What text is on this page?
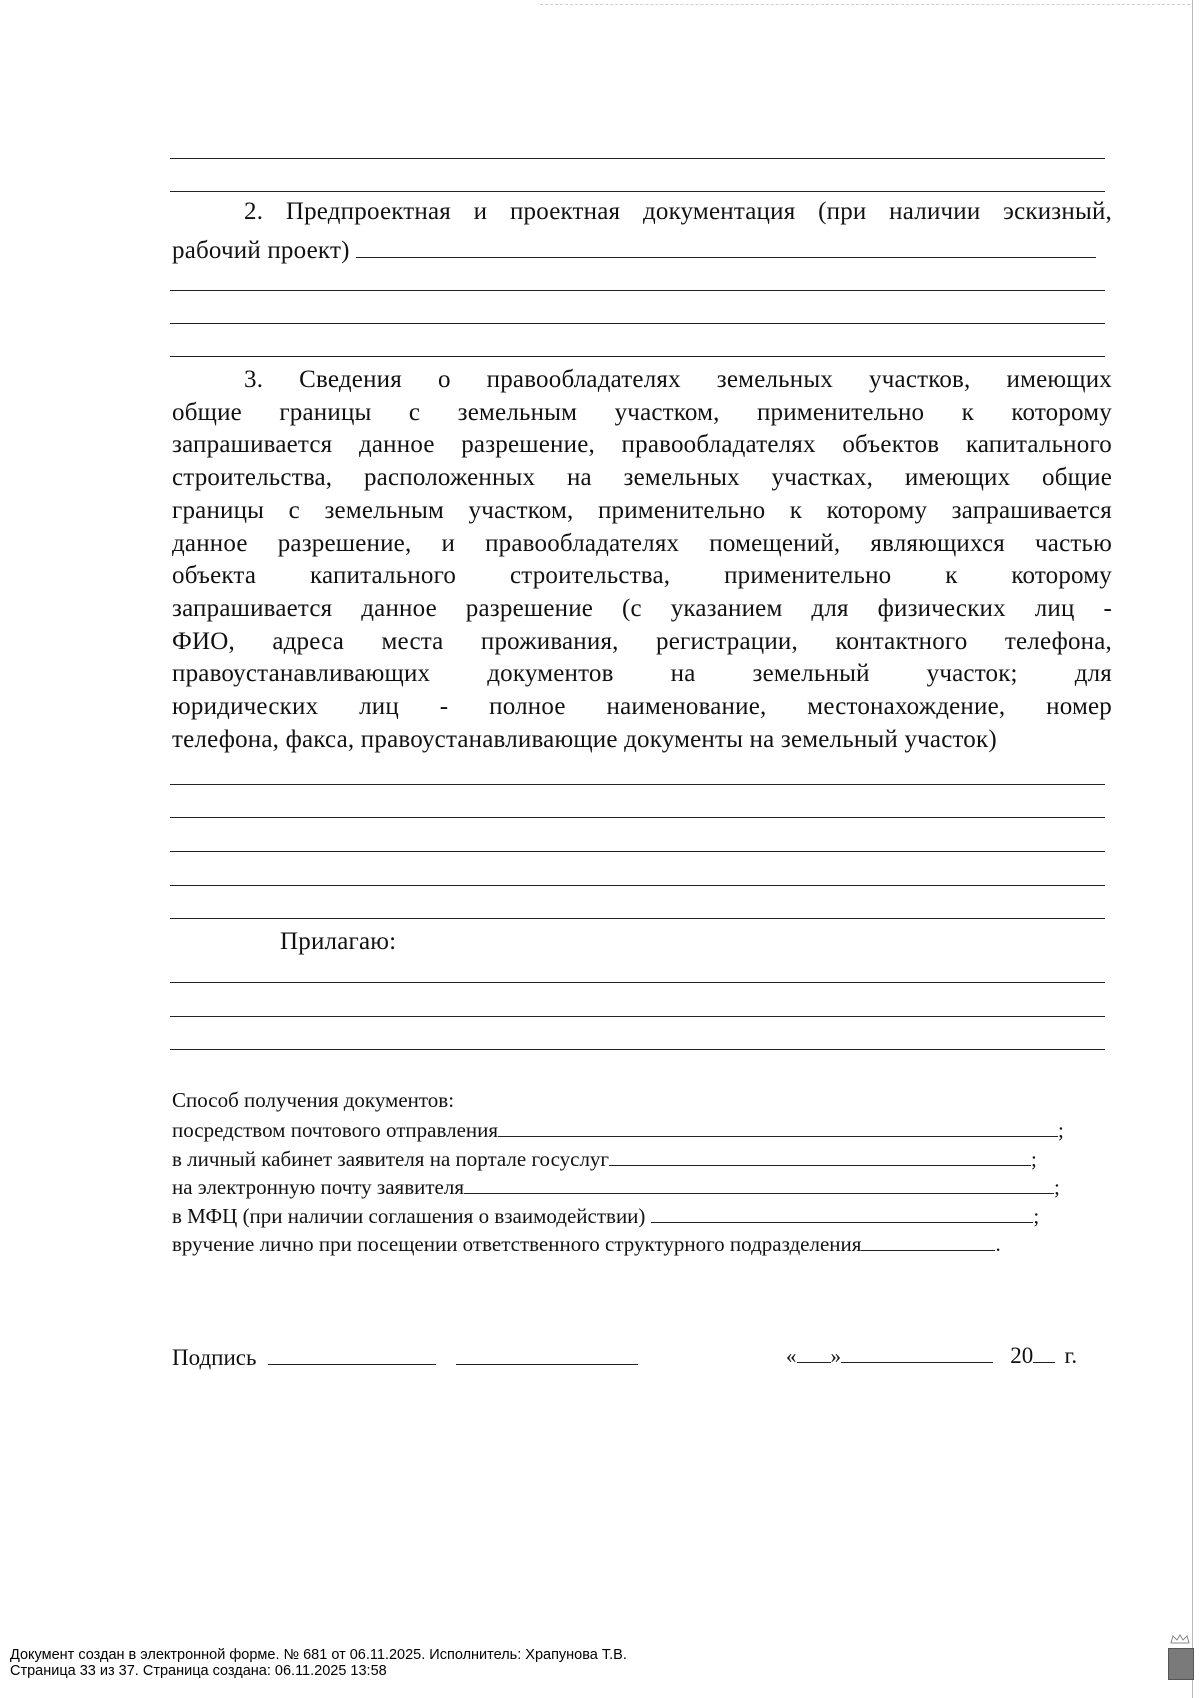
2. Предпроектная и проектная документация (при наличии эскизный,
рабочий проект)
3. Сведения о правообладателях земельных участков, имеющих
общие границы с земельным участком, применительно к которому
запрашивается данное разрешение, правообладателях объектов капитального
строительства, расположенных на земельных участках, имеющих общие
границы с земельным участком, применительно к которому запрашивается
данное разрешение, и правообладателях помещений, являющихся частью
объекта капитального строительства, применительно к которому
запрашивается данное разрешение (с указанием для физических лиц -
ФИО, адреса места проживания, регистрации, контактного телефона,
правоустанавливающих документов на земельный участок; для
юридических лиц - полное наименование, местонахождение, номер
телефона, факса, правоустанавливающие документы на земельный участок)
Прилагаю:
Способ получения документов:
посредством почтового отправления	;
в личный кабинет заявителя на портале госуслуг	;
на электронную почту заявителя	;
в МФЦ (при наличии соглашения о взаимодействии)	;
вручение лично при посещении ответственного структурного подразделения	.
Подпись	« »	20 г.
Документ создан в электронной форме. № 681 от 06.11.2025. Исполнитель: Храпунова Т.В.
Страница 33 из 37. Страница создана: 06.11.2025 13:58
